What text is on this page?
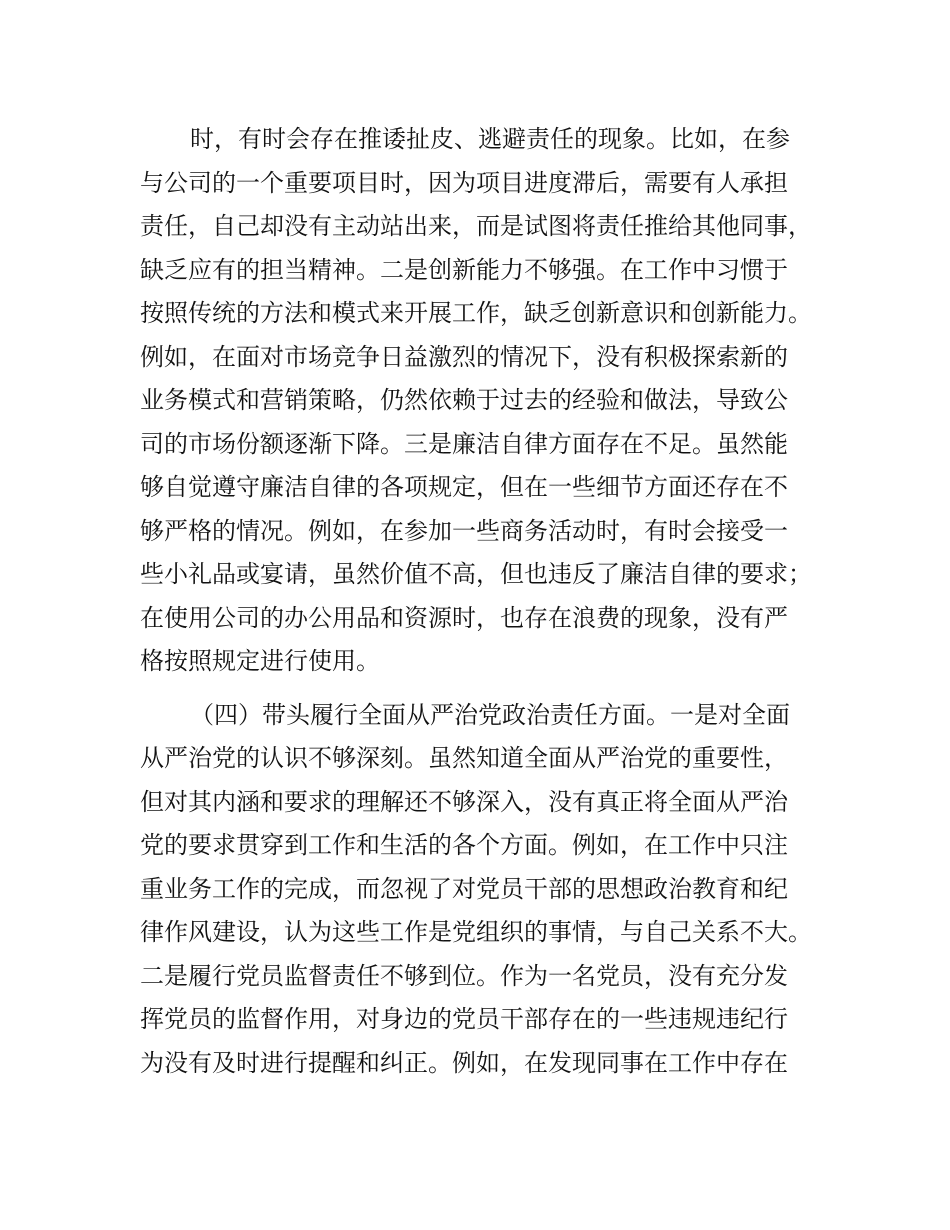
时，有时会存在推诿扯皮、逃避责任的现象。比如，在参
与公司的一个重要项目时，因为项目进度滞后，需要有人承担
责任，自己却没有主动站出来，而是试图将责任推给其他同事，
缺乏应有的担当精神。二是创新能力不够强。在工作中习惯于
按照传统的方法和模式来开展工作，缺乏创新意识和创新能力。
例如，在面对市场竞争日益激烈的情况下，没有积极探索新的
业务模式和营销策略，仍然依赖于过去的经验和做法，导致公
司的市场份额逐渐下降。三是廉洁自律方面存在不足。虽然能
够自觉遵守廉洁自律的各项规定，但在一些细节方面还存在不
够严格的情况。例如，在参加一些商务活动时，有时会接受一
些小礼品或宴请，虽然价值不高，但也违反了廉洁自律的要求；
在使用公司的办公用品和资源时，也存在浪费的现象，没有严
格按照规定进行使用。
（四）带头履行全面从严治党政治责任方面。一是对全面
从严治党的认识不够深刻。虽然知道全面从严治党的重要性，
但对其内涵和要求的理解还不够深入，没有真正将全面从严治
党的要求贯穿到工作和生活的各个方面。例如，在工作中只注
重业务工作的完成，而忽视了对党员干部的思想政治教育和纪
律作风建设，认为这些工作是党组织的事情，与自己关系不大。
二是履行党员监督责任不够到位。作为一名党员，没有充分发
挥党员的监督作用，对身边的党员干部存在的一些违规违纪行
为没有及时进行提醒和纠正。例如，在发现同事在工作中存在
